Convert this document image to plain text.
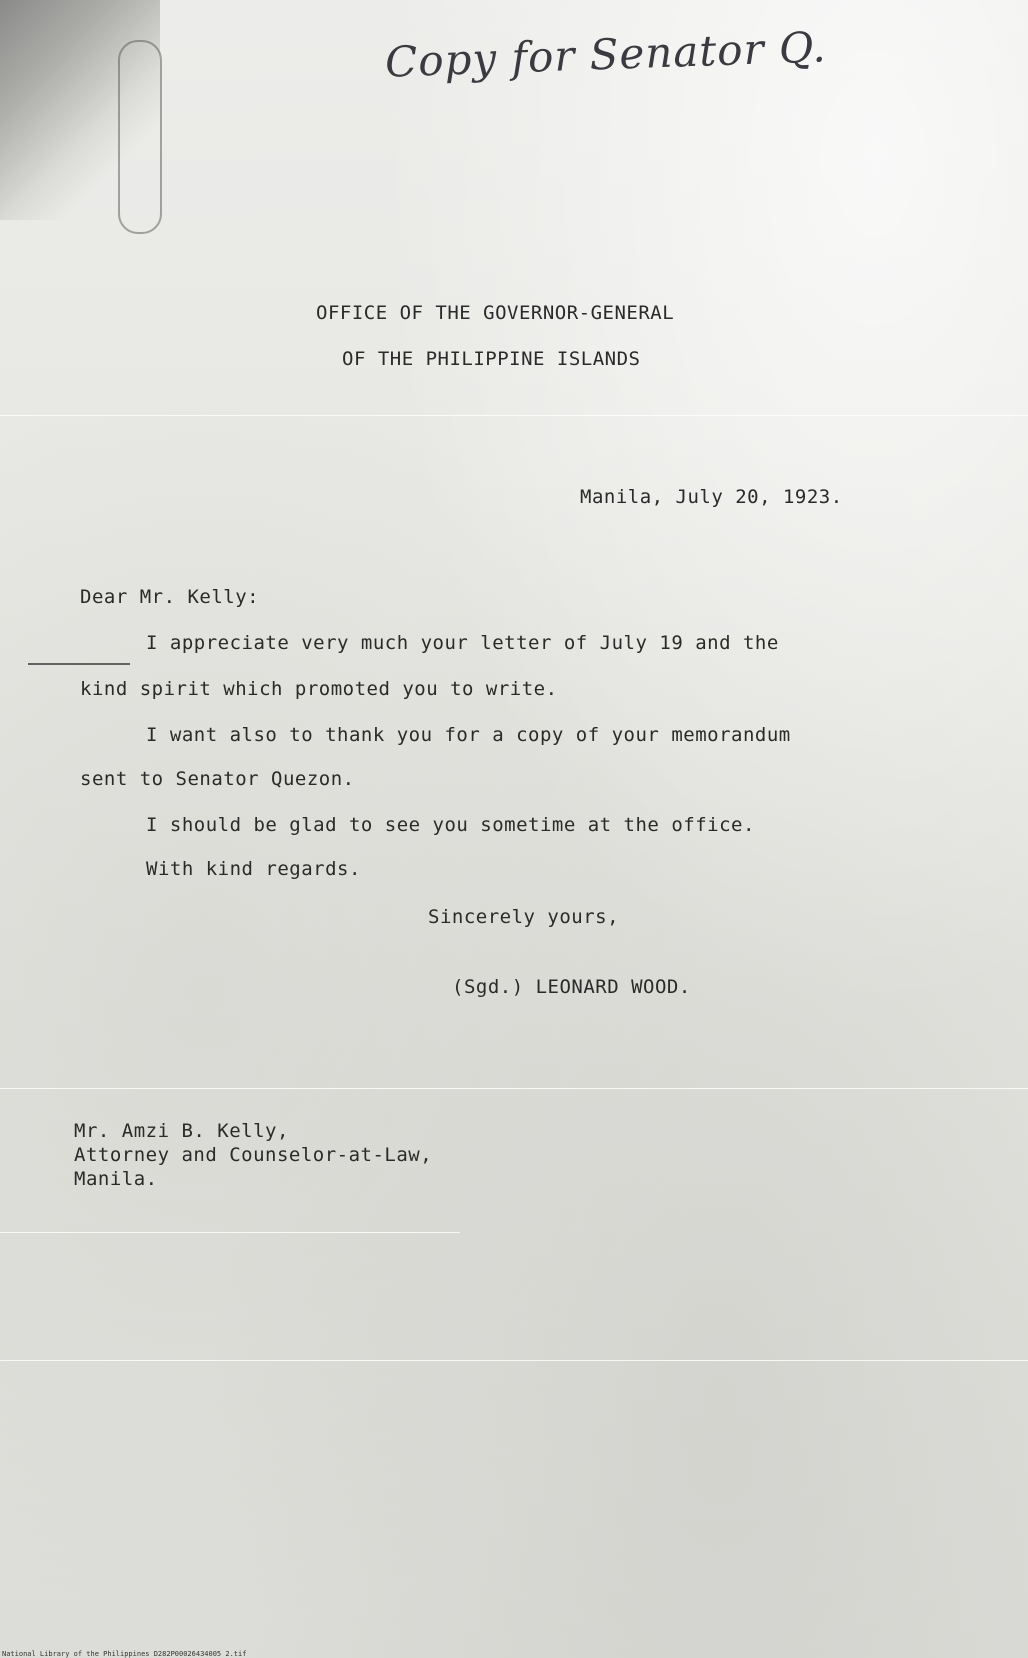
Copy for Senator Q.
OFFICE OF THE GOVERNOR-GENERAL
OF THE PHILIPPINE ISLANDS
Manila, July 20, 1923.
Dear Mr. Kelly:
I appreciate very much your letter of July 19 and the
kind spirit which promoted you to write.
I want also to thank you for a copy of your memorandum
sent to Senator Quezon.
I should be glad to see you sometime at the office.
With kind regards.
Sincerely yours,
(Sgd.) LEONARD WOOD.
Mr. Amzi B. Kelly,
Attorney and Counselor-at-Law,
Manila.
National Library of the Philippines D282P00026434005 2.tif
